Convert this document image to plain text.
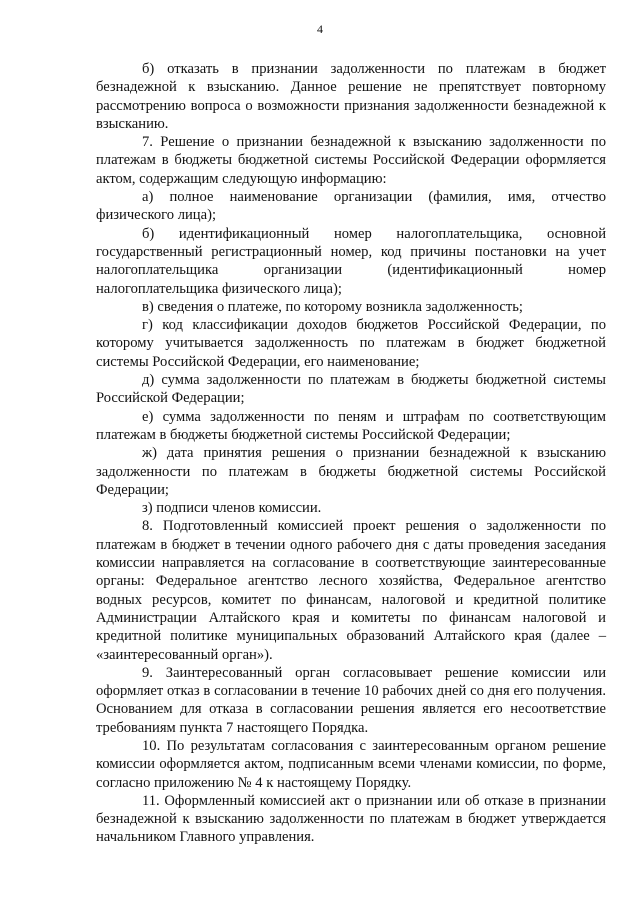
4

б) отказать в признании задолженности по платежам в бюджет безнадежной к взысканию. Данное решение не препятствует повторному рассмотрению вопроса о возможности признания задолженности безнадежной к взысканию.

7. Решение о признании безнадежной к взысканию задолженности по платежам в бюджеты бюджетной системы Российской Федерации оформляется актом, содержащим следующую информацию:

а) полное наименование организации (фамилия, имя, отчество физического лица);

б) идентификационный номер налогоплательщика, основной государственный регистрационный номер, код причины постановки на учет налогоплательщика организации (идентификационный номер налогоплательщика физического лица);

в) сведения о платеже, по которому возникла задолженность;

г) код классификации доходов бюджетов Российской Федерации, по которому учитывается задолженность по платежам в бюджет бюджетной системы Российской Федерации, его наименование;

д) сумма задолженности по платежам в бюджеты бюджетной системы Российской Федерации;

е) сумма задолженности по пеням и штрафам по соответствующим платежам в бюджеты бюджетной системы Российской Федерации;

ж) дата принятия решения о признании безнадежной к взысканию задолженности по платежам в бюджеты бюджетной системы Российской Федерации;

з) подписи членов комиссии.

8. Подготовленный комиссией проект решения о задолженности по платежам в бюджет в течении одного рабочего дня с даты проведения заседания комиссии направляется на согласование в соответствующие заинтересованные органы: Федеральное агентство лесного хозяйства, Федеральное агентство водных ресурсов, комитет по финансам, налоговой и кредитной политике Администрации Алтайского края и комитеты по финансам налоговой и кредитной политике муниципальных образований Алтайского края (далее – «заинтересованный орган»).

9. Заинтересованный орган согласовывает решение комиссии или оформляет отказ в согласовании в течение 10 рабочих дней со дня его получения. Основанием для отказа в согласовании решения является его несоответствие требованиям пункта 7 настоящего Порядка.

10. По результатам согласования с заинтересованным органом решение комиссии оформляется актом, подписанным всеми членами комиссии, по форме, согласно приложению № 4 к настоящему Порядку.

11. Оформленный комиссией акт о признании или об отказе в признании безнадежной к взысканию задолженности по платежам в бюджет утверждается начальником Главного управления.
